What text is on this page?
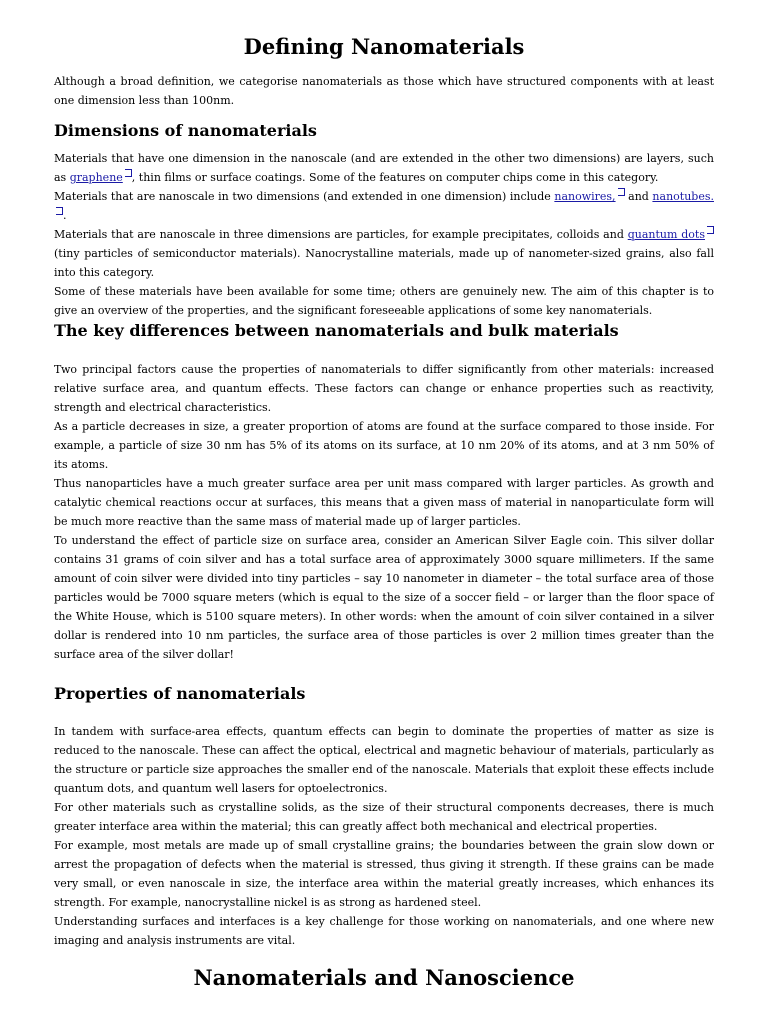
Defining Nanomaterials

Although a broad definition, we categorise nanomaterials as those which have structured components with at least one dimension less than 100nm.

Dimensions of nanomaterials

Materials that have one dimension in the nanoscale (and are extended in the other two dimensions) are layers, such as graphene , thin films or surface coatings. Some of the features on computer chips come in this category.

Materials that are nanoscale in two dimensions (and extended in one dimension) include nanowires, and nanotubes..

Materials that are nanoscale in three dimensions are particles, for example precipitates, colloids and quantum dots (tiny particles of semiconductor materials). Nanocrystalline materials, made up of nanometer-sized grains, also fall into this category.

Some of these materials have been available for some time; others are genuinely new. The aim of this chapter is to give an overview of the properties, and the significant foreseeable applications of some key nanomaterials.

The key differences between nanomaterials and bulk materials

Two principal factors cause the properties of nanomaterials to differ significantly from other materials: increased relative surface area, and quantum effects. These factors can change or enhance properties such as reactivity, strength and electrical characteristics.

As a particle decreases in size, a greater proportion of atoms are found at the surface compared to those inside. For example, a particle of size 30 nm has 5% of its atoms on its surface, at 10 nm 20% of its atoms, and at 3 nm 50% of its atoms.

Thus nanoparticles have a much greater surface area per unit mass compared with larger particles. As growth and catalytic chemical reactions occur at surfaces, this means that a given mass of material in nanoparticulate form will be much more reactive than the same mass of material made up of larger particles.

To understand the effect of particle size on surface area, consider an American Silver Eagle coin. This silver dollar contains 31 grams of coin silver and has a total surface area of approximately 3000 square millimeters. If the same amount of coin silver were divided into tiny particles – say 10 nanometer in diameter – the total surface area of those particles would be 7000 square meters (which is equal to the size of a soccer field – or larger than the floor space of the White House, which is 5100 square meters). In other words: when the amount of coin silver contained in a silver dollar is rendered into 10 nm particles, the surface area of those particles is over 2 million times greater than the surface area of the silver dollar!

Properties of nanomaterials

In tandem with surface-area effects, quantum effects can begin to dominate the properties of matter as size is reduced to the nanoscale. These can affect the optical, electrical and magnetic behaviour of materials, particularly as the structure or particle size approaches the smaller end of the nanoscale. Materials that exploit these effects include quantum dots, and quantum well lasers for optoelectronics.

For other materials such as crystalline solids, as the size of their structural components decreases, there is much greater interface area within the material; this can greatly affect both mechanical and electrical properties.

For example, most metals are made up of small crystalline grains; the boundaries between the grain slow down or arrest the propagation of defects when the material is stressed, thus giving it strength. If these grains can be made very small, or even nanoscale in size, the interface area within the material greatly increases, which enhances its strength. For example, nanocrystalline nickel is as strong as hardened steel.

Understanding surfaces and interfaces is a key challenge for those working on nanomaterials, and one where new imaging and analysis instruments are vital.

Nanomaterials and Nanoscience
